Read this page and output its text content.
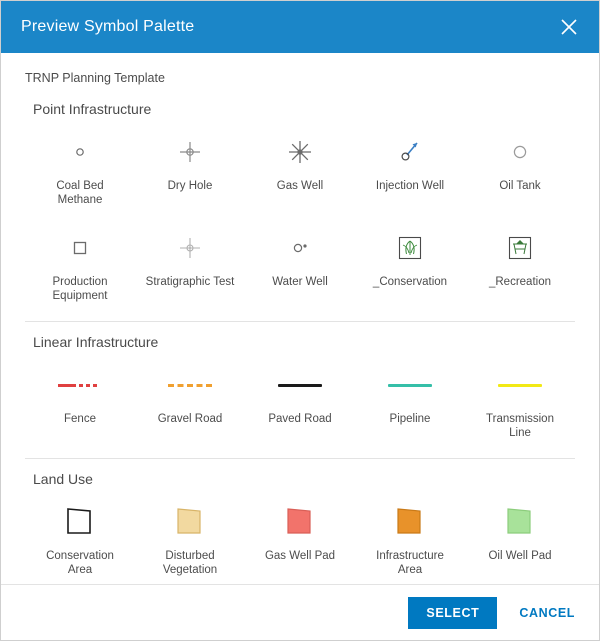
Preview Symbol Palette
TRNP Planning Template
Point Infrastructure
Coal Bed Methane
Dry Hole	Gas Well	Injection Well	Oil Tank
Production Equipment
Stratigraphic Test	Water Well	_Conservation	_Recreation
Linear Infrastructure
Fence	Gravel Road	Paved Road	Pipeline	Transmission Line
Land Use
Conservation Area
Disturbed Vegetation
Gas Well Pad	Infrastructure Area
Oil Well Pad
SELECT	CANCEL
